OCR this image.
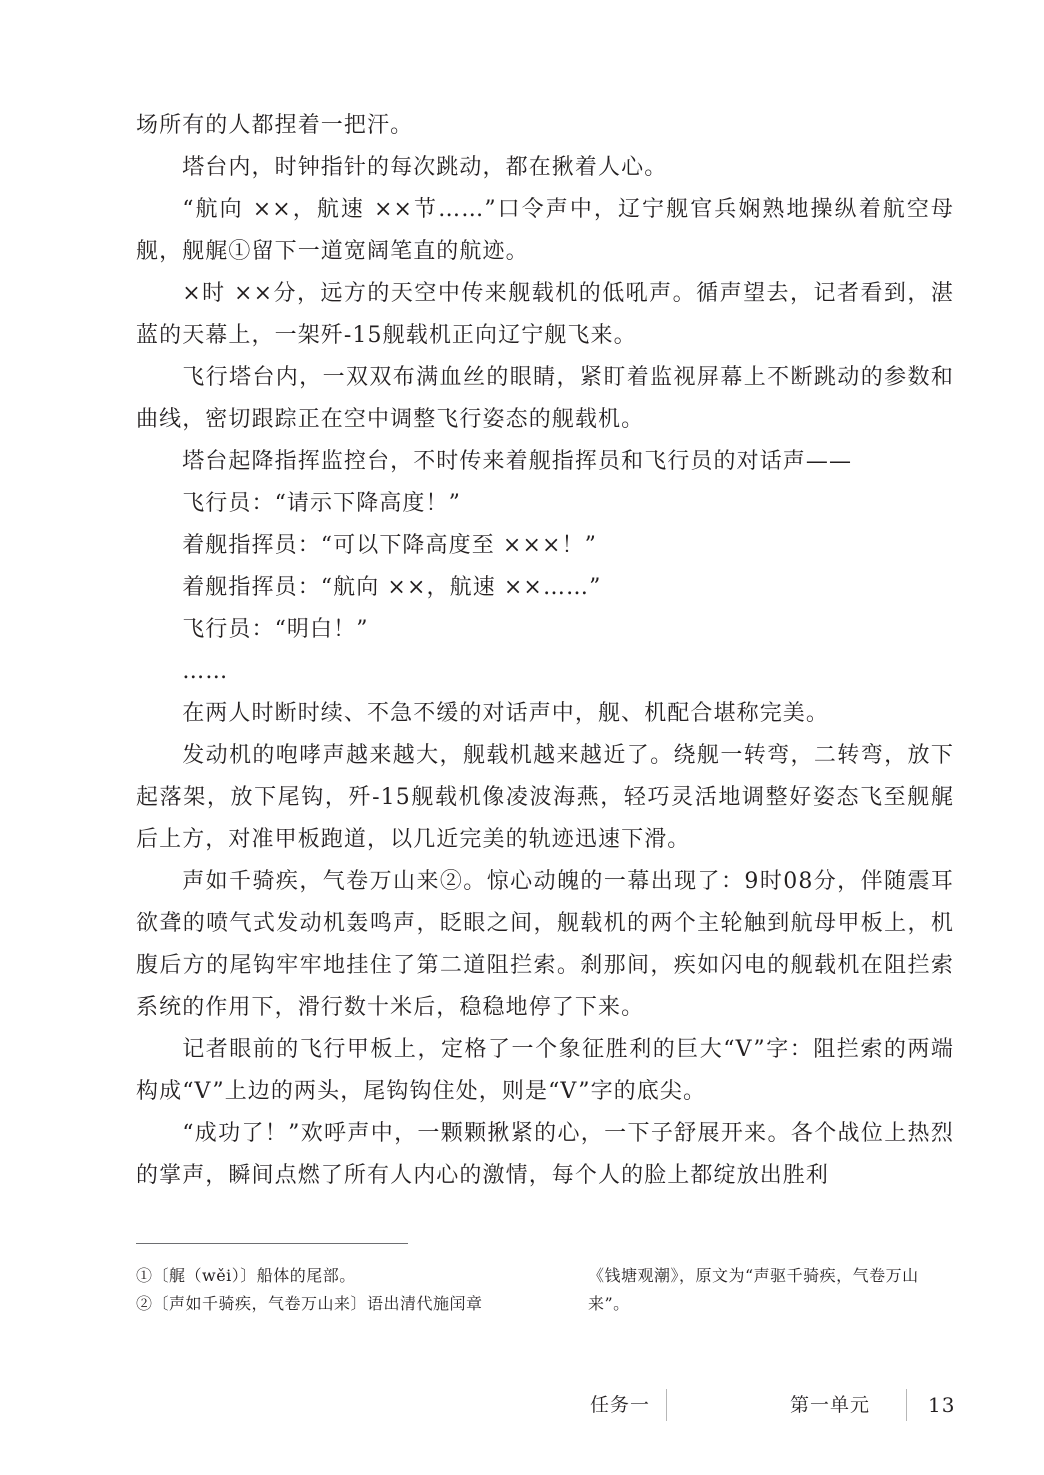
场所有的人都捏着一把汗。

塔台内，时钟指针的每次跳动，都在揪着人心。

“航向 ××，航速 ××节……”口令声中，辽宁舰官兵娴熟地操纵着航空母舰，舰艉①留下一道宽阔笔直的航迹。

×时 ××分，远方的天空中传来舰载机的低吼声。循声望去，记者看到，湛蓝的天幕上，一架歼-15舰载机正向辽宁舰飞来。

飞行塔台内，一双双布满血丝的眼睛，紧盯着监视屏幕上不断跳动的参数和曲线，密切跟踪正在空中调整飞行姿态的舰载机。

塔台起降指挥监控台，不时传来着舰指挥员和飞行员的对话声——

飞行员：“请示下降高度！”

着舰指挥员：“可以下降高度至 ×××！”

着舰指挥员：“航向 ××，航速 ××……”

飞行员：“明白！”

……

在两人时断时续、不急不缓的对话声中，舰、机配合堪称完美。

发动机的咆哮声越来越大，舰载机越来越近了。绕舰一转弯，二转弯，放下起落架，放下尾钩，歼-15舰载机像凌波海燕，轻巧灵活地调整好姿态飞至舰艉后上方，对准甲板跑道，以几近完美的轨迹迅速下滑。

声如千骑疾，气卷万山来②。惊心动魄的一幕出现了：9时08分，伴随震耳欲聋的喷气式发动机轰鸣声，眨眼之间，舰载机的两个主轮触到航母甲板上，机腹后方的尾钩牢牢地挂住了第二道阻拦索。刹那间，疾如闪电的舰载机在阻拦索系统的作用下，滑行数十米后，稳稳地停了下来。

记者眼前的飞行甲板上，定格了一个象征胜利的巨大“V”字：阻拦索的两端构成“V”上边的两头，尾钩钩住处，则是“V”字的底尖。

“成功了！”欢呼声中，一颗颗揪紧的心，一下子舒展开来。各个战位上热烈的掌声，瞬间点燃了所有人内心的激情，每个人的脸上都绽放出胜利

①〔艉（wěi）〕船体的尾部。

②〔声如千骑疾，气卷万山来〕语出清代施闰章

《钱塘观潮》，原文为“声驱千骑疾，气卷万山来”。

任务一	第一单元	13
